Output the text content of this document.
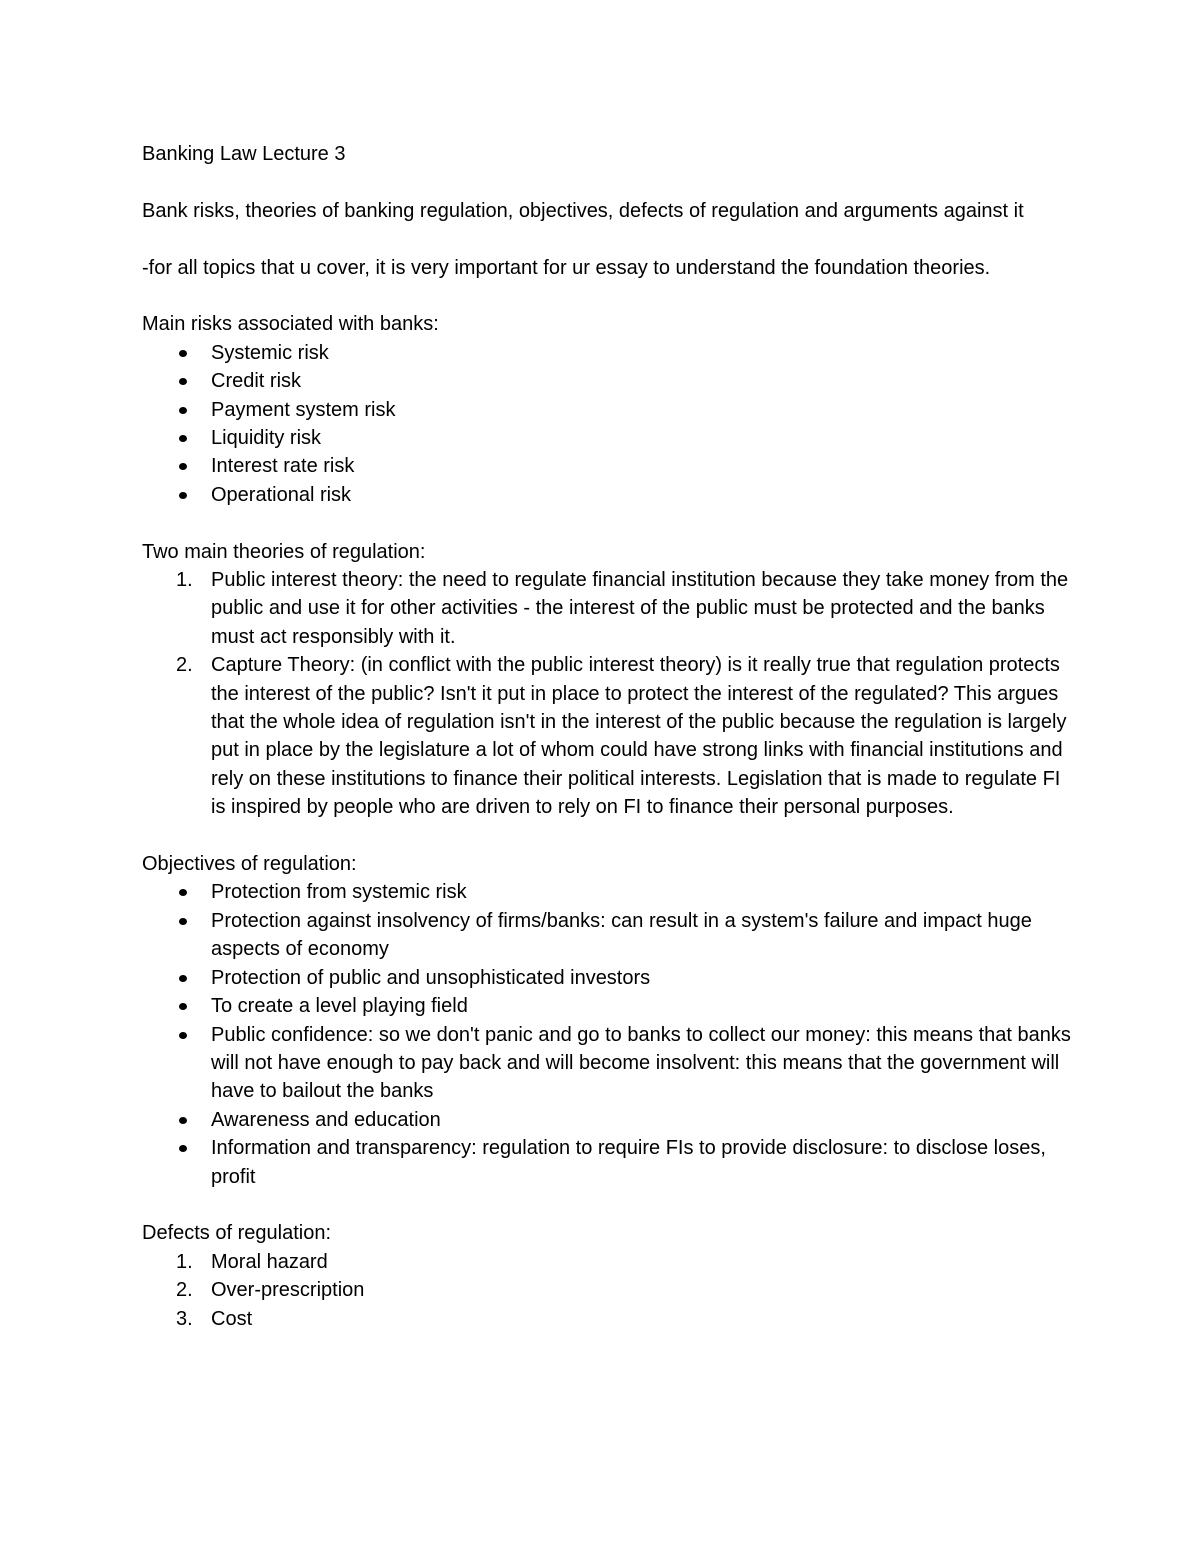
Banking Law Lecture 3

Bank risks, theories of banking regulation, objectives, defects of regulation and arguments against it

-for all topics that u cover, it is very important for ur essay to understand the foundation theories.

Main risks associated with banks:

Systemic risk
Credit risk
Payment system risk
Liquidity risk
Interest rate risk
Operational risk

Two main theories of regulation:

1. Public interest theory: the need to regulate financial institution because they take money from the public and use it for other activities - the interest of the public must be protected and the banks must act responsibly with it.
2. Capture Theory: (in conflict with the public interest theory) is it really true that regulation protects the interest of the public? Isn't it put in place to protect the interest of the regulated? This argues that the whole idea of regulation isn't in the interest of the public because the regulation is largely put in place by the legislature a lot of whom could have strong links with financial institutions and rely on these institutions to finance their political interests. Legislation that is made to regulate FI is inspired by people who are driven to rely on FI to finance their personal purposes.

Objectives of regulation:

Protection from systemic risk
Protection against insolvency of firms/banks: can result in a system's failure and impact huge aspects of economy
Protection of public and unsophisticated investors
To create a level playing field
Public confidence: so we don't panic and go to banks to collect our money: this means that banks will not have enough to pay back and will become insolvent: this means that the government will have to bailout the banks
Awareness and education
Information and transparency: regulation to require FIs to provide disclosure: to disclose loses, profit

Defects of regulation:

1. Moral hazard
2. Over-prescription
3. Cost
